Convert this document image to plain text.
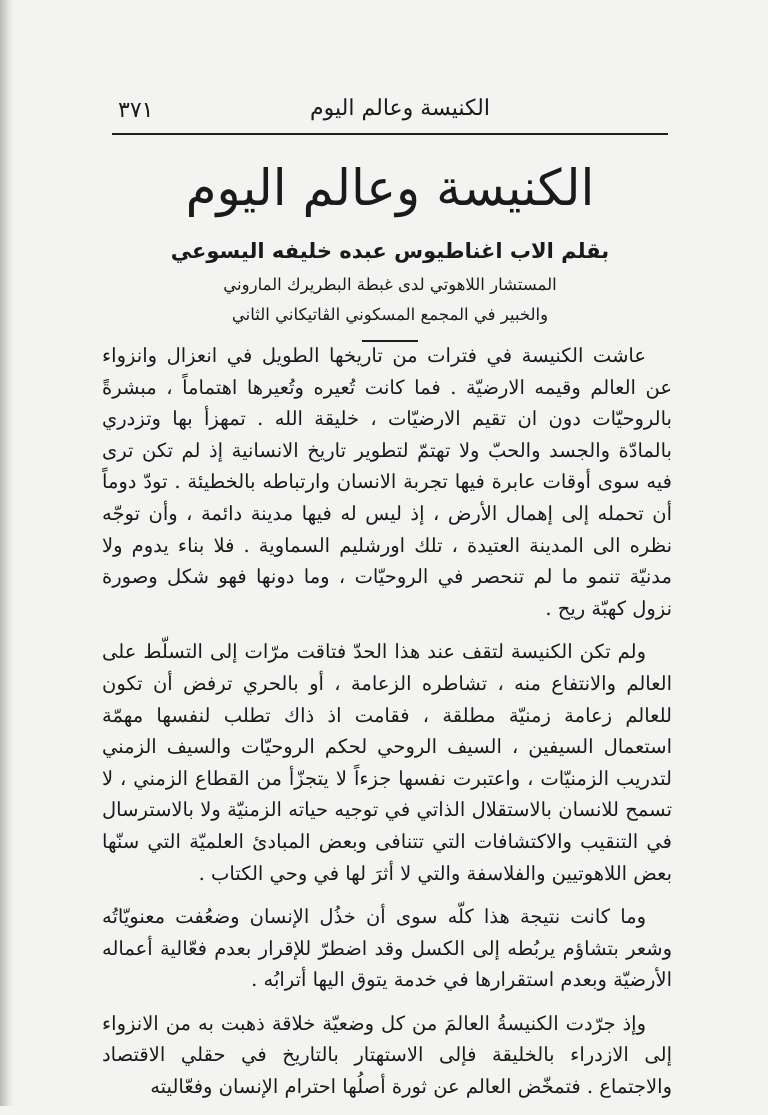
٣٧١	الكنيسة وعالم اليوم
الكنيسة وعالم اليوم
بقلم الاب اغناطيوس عبده خليفه اليسوعي
المستشار اللاهوتي لدى غبطة البطريرك الماروني
والخبير في المجمع المسكوني الڤاتيكاني الثاني

عاشت الكنيسة في فترات من تاريخها الطويل في انعزال وانزواء عن العالم وقيمه الارضيّة . فما كانت تُعيره وتُعيرها اهتماماً ، مبشرةً بالروحيّات دون ان تقيم الارضيّات ، خليقة الله . تمهزأ بها وتزدري بالمادّة والجسد والحبّ ولا تهتمّ لتطوير تاريخ الانسانية إذ لم تكن ترى فيه سوى أوقات عابرة فيها تجربة الانسان وارتباطه بالخطيئة . تودّ دوماً أن تحمله إلى إهمال الأرض ، إذ ليس له فيها مدينة دائمة ، وأن توجّه نظره الى المدينة العتيدة ، تلك اورشليم السماوية . فلا بناء يدوم ولا مدنيّة تنمو ما لم تنحصر في الروحيّات ، وما دونها فهو شكل وصورة نزول كهبّة ريح .

ولم تكن الكنيسة لتقف عند هذا الحدّ فتاقت مرّات إلى التسلّط على العالم والانتفاع منه ، تشاطره الزعامة ، أو بالحري ترفض أن تكون للعالم زعامة زمنيّة مطلقة ، فقامت اذ ذاك تطلب لنفسها مهمّة استعمال السيفين ، السيف الروحي لحكم الروحيّات والسيف الزمني لتدريب الزمنيّات ، واعتبرت نفسها جزءاً لا يتجزّأ من القطاع الزمني ، لا تسمح للانسان بالاستقلال الذاتي في توجيه حياته الزمنيّة ولا بالاسترسال في التنقيب والاكتشافات التي تتنافى وبعض المبادئ العلميّة التي سنّها بعض اللاهوتيين والفلاسفة والتي لا أثرَ لها في وحي الكتاب .

وما كانت نتيجة هذا كلّه سوى أن خذُل الإنسان وضعُفت معنويّاتُه وشعر بتشاؤم يربُطه إلى الكسل وقد اضطرّ للإقرار بعدم فعّالية أعماله الأرضيّة وبعدم استقرارها في خدمة يتوق اليها أترابُه .

وإذ جرّدت الكنيسةُ العالمَ من كل وضعيّة خلاقة ذهبت به من الانزواء إلى الازدراء بالخليقة فإلى الاستهتار بالتاريخ في حقلي الاقتصاد والاجتماع . فتمخّض العالم عن ثورة أصلُها احترام الإنسان وفعّاليته
